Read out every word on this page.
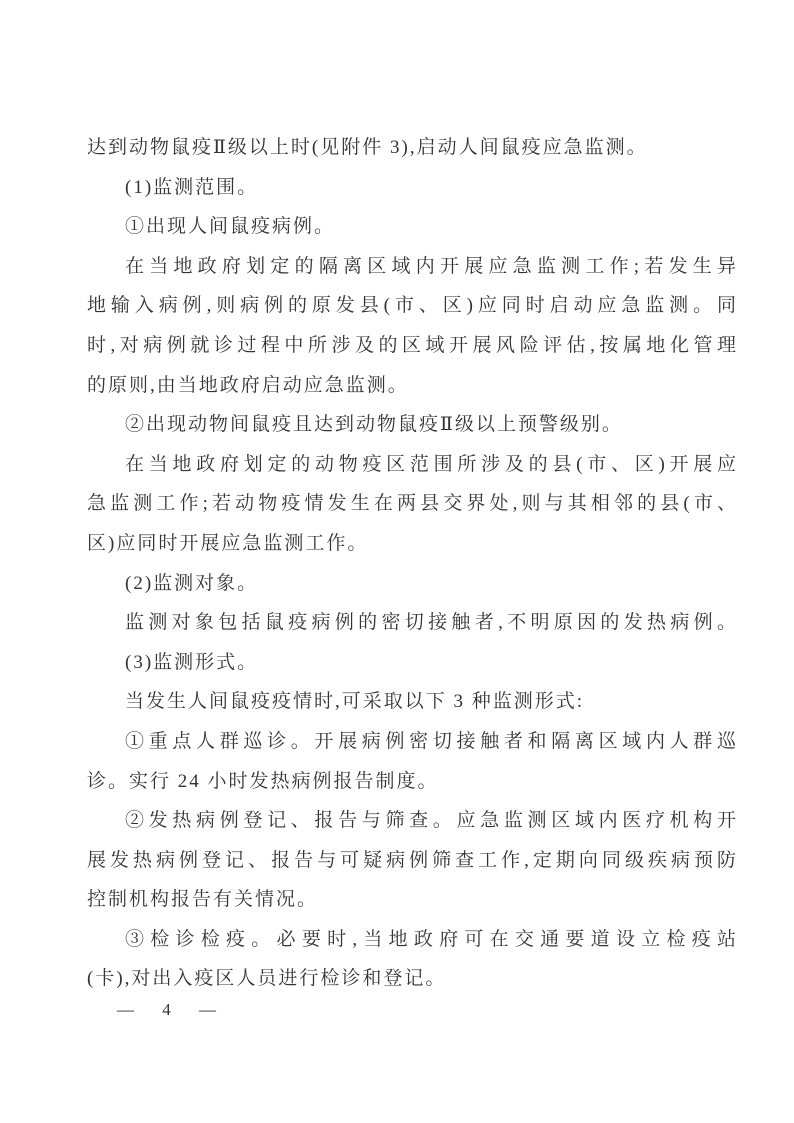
达到动物鼠疫Ⅱ级以上时(见附件 3),启动人间鼠疫应急监测。
(1)监测范围。
①出现人间鼠疫病例。
在当地政府划定的隔离区域内开展应急监测工作;若发生异
地输入病例,则病例的原发县(市、区)应同时启动应急监测。同
时,对病例就诊过程中所涉及的区域开展风险评估,按属地化管理
的原则,由当地政府启动应急监测。
②出现动物间鼠疫且达到动物鼠疫Ⅱ级以上预警级别。
在当地政府划定的动物疫区范围所涉及的县(市、区)开展应
急监测工作;若动物疫情发生在两县交界处,则与其相邻的县(市、
区)应同时开展应急监测工作。
(2)监测对象。
监测对象包括鼠疫病例的密切接触者,不明原因的发热病例。
(3)监测形式。
当发生人间鼠疫疫情时,可采取以下 3 种监测形式:
①重点人群巡诊。开展病例密切接触者和隔离区域内人群巡
诊。实行 24 小时发热病例报告制度。
②发热病例登记、报告与筛查。应急监测区域内医疗机构开
展发热病例登记、报告与可疑病例筛查工作,定期向同级疾病预防
控制机构报告有关情况。
③检诊检疫。必要时,当地政府可在交通要道设立检疫站
(卡),对出入疫区人员进行检诊和登记。
— 4 —
